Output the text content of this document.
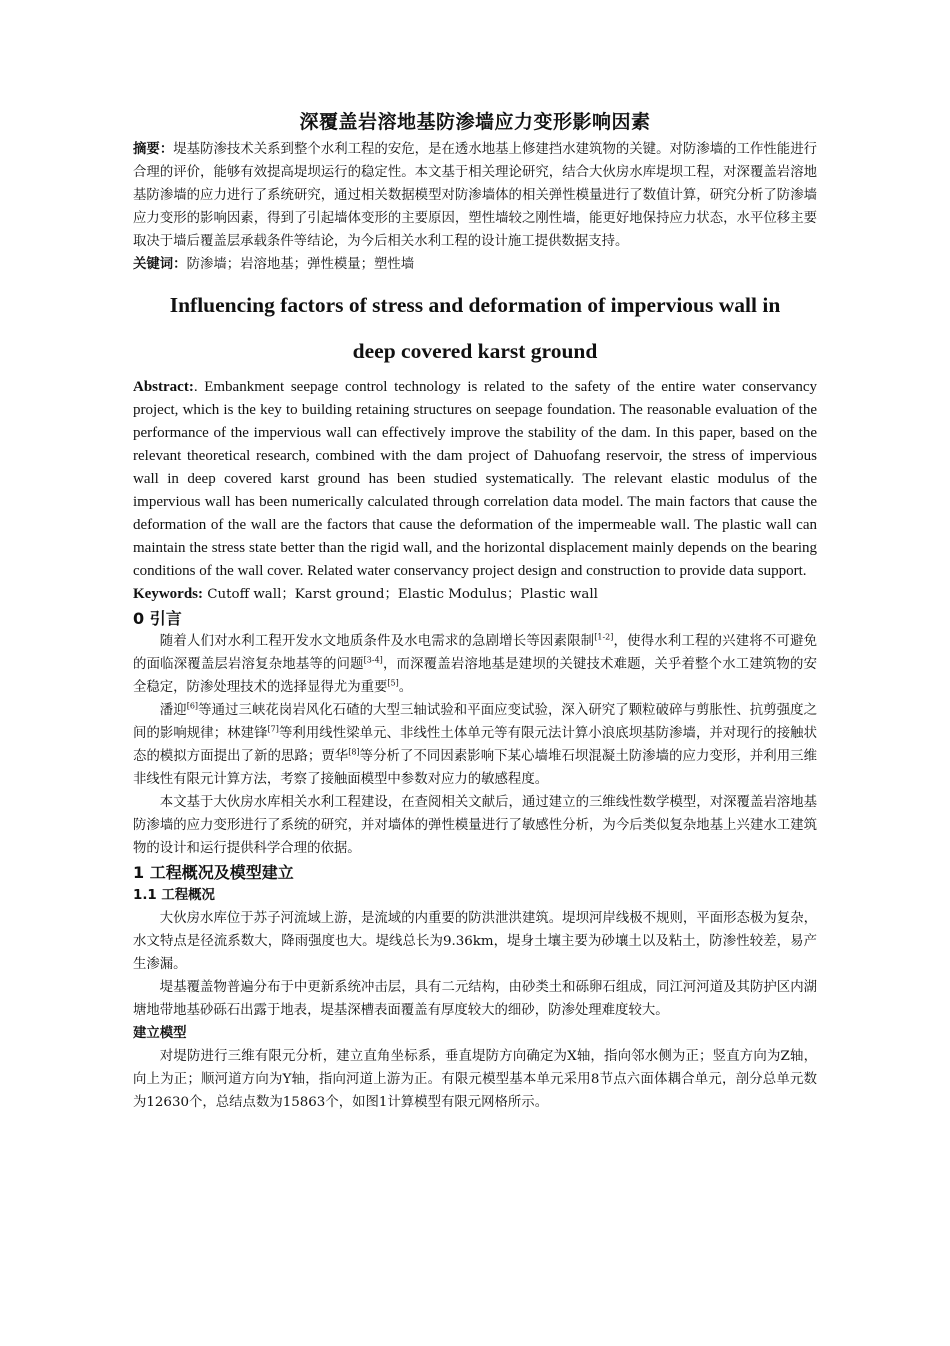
深覆盖岩溶地基防渗墙应力变形影响因素

摘要：堤基防渗技术关系到整个水利工程的安危，是在透水地基上修建挡水建筑物的关键。对防渗墙的工作性能进行合理的评价，能够有效提高堤坝运行的稳定性。本文基于相关理论研究，结合大伙房水库堤坝工程，对深覆盖岩溶地基防渗墙的应力进行了系统研究，通过相关数据模型对防渗墙体的相关弹性模量进行了数值计算，研究分析了防渗墙应力变形的影响因素，得到了引起墙体变形的主要原因，塑性墙较之刚性墙，能更好地保持应力状态，水平位移主要取决于墙后覆盖层承载条件等结论，为今后相关水利工程的设计施工提供数据支持。

关键词：防渗墙；岩溶地基；弹性模量；塑性墙

Influencing factors of stress and deformation of impervious wall in
deep covered karst ground

Abstract:. Embankment seepage control technology is related to the safety of the entire water conservancy project, which is the key to building retaining structures on seepage foundation. The reasonable evaluation of the performance of the impervious wall can effectively improve the stability of the dam. In this paper, based on the relevant theoretical research, combined with the dam project of Dahuofang reservoir, the stress of impervious wall in deep covered karst ground has been studied systematically. The relevant elastic modulus of the impervious wall has been numerically calculated through correlation data model. The main factors that cause the deformation of the wall are the factors that cause the deformation of the impermeable wall. The plastic wall can maintain the stress state better than the rigid wall, and the horizontal displacement mainly depends on the bearing conditions of the wall cover. Related water conservancy project design and construction to provide data support.

Keywords: Cutoff wall；Karst ground；Elastic Modulus；Plastic wall

0 引言

随着人们对水利工程开发水文地质条件及水电需求的急剧增长等因素限制[1-2]，使得水利工程的兴建将不可避免的面临深覆盖层岩溶复杂地基等的问题[3-4]，而深覆盖岩溶地基是建坝的关键技术难题，关乎着整个水工建筑物的安全稳定，防渗处理技术的选择显得尤为重要[5]。

潘迎[6]等通过三峡花岗岩风化石碴的大型三轴试验和平面应变试验，深入研究了颗粒破碎与剪胀性、抗剪强度之间的影响规律；林建锋[7]等利用线性梁单元、非线性土体单元等有限元法计算小浪底坝基防渗墙，并对现行的接触状态的模拟方面提出了新的思路；贾华[8]等分析了不同因素影响下某心墙堆石坝混凝土防渗墙的应力变形，并利用三维非线性有限元计算方法，考察了接触面模型中参数对应力的敏感程度。

本文基于大伙房水库相关水利工程建设，在查阅相关文献后，通过建立的三维线性数学模型，对深覆盖岩溶地基防渗墙的应力变形进行了系统的研究，并对墙体的弹性模量进行了敏感性分析，为今后类似复杂地基上兴建水工建筑物的设计和运行提供科学合理的依据。

1 工程概况及模型建立
1.1 工程概况

大伙房水库位于苏子河流域上游，是流域的内重要的防洪泄洪建筑。堤坝河岸线极不规则，平面形态极为复杂，水文特点是径流系数大，降雨强度也大。堤线总长为9.36km，堤身土壤主要为砂壤土以及粘土，防渗性较差，易产生渗漏。

堤基覆盖物普遍分布于中更新系统冲击层，具有二元结构，由砂类土和砾卵石组成，同江河河道及其防护区内湖塘地带地基砂砾石出露于地表，堤基深槽表面覆盖有厚度较大的细砂，防渗处理难度较大。

建立模型

对堤防进行三维有限元分析，建立直角坐标系，垂直堤防方向确定为X轴，指向邻水侧为正；竖直方向为Z轴，向上为正；顺河道方向为Y轴，指向河道上游为正。有限元模型基本单元采用8节点六面体耦合单元，剖分总单元数为12630个，总结点数为15863个，如图1计算模型有限元网格所示。
